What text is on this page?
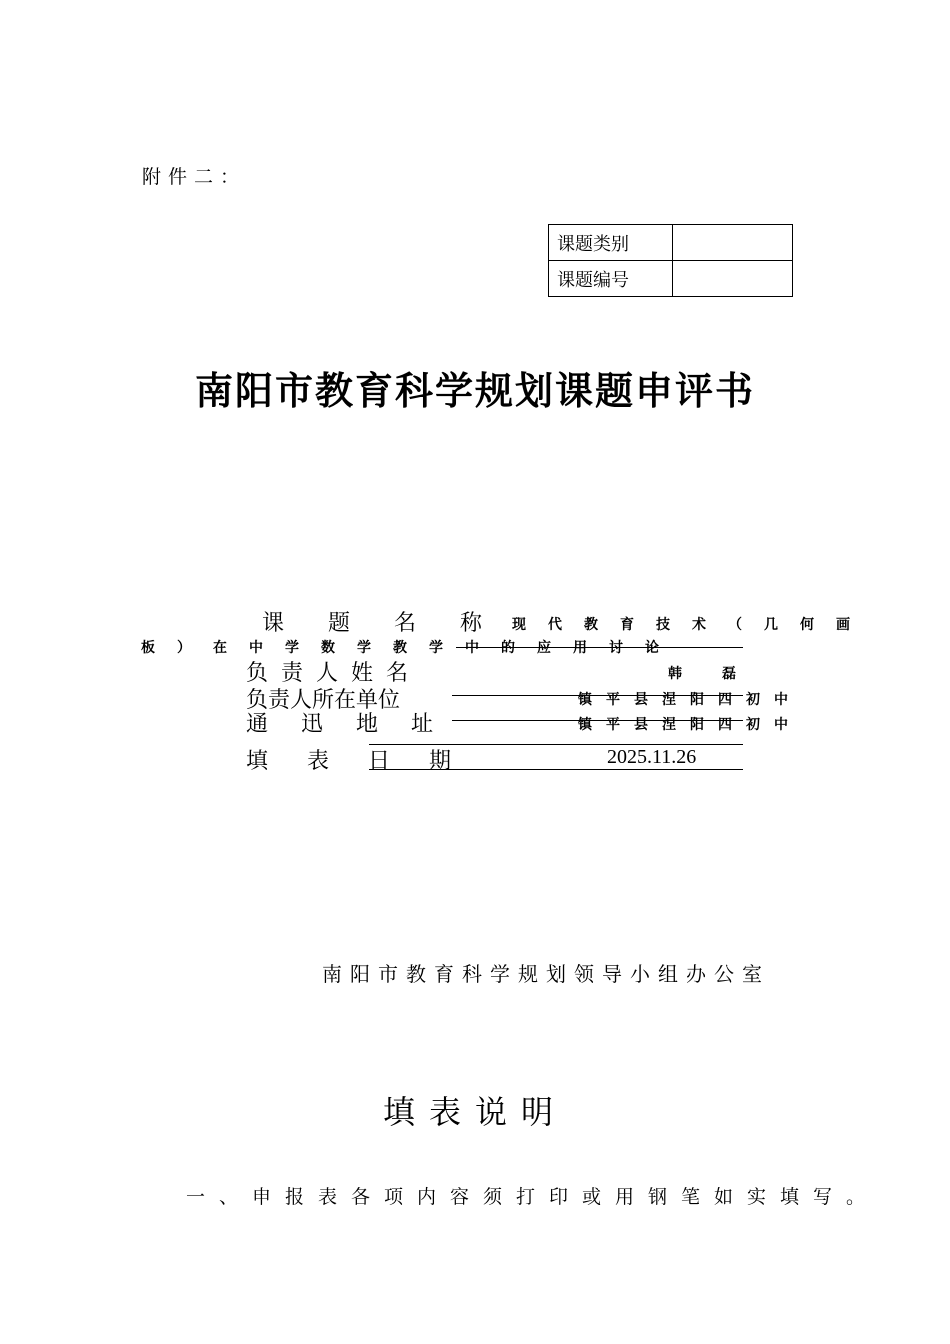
附件二：
课题类别	
课题编号	
南阳市教育科学规划课题申评书
课 题 名 称	现代教育技术（几何画
板）在中学数学教学中的应用讨论
负责人姓名	韩磊
负责人所在单位	镇平县涅阳四初中
通 迅 地 址	镇平县涅阳四初中
填 表 日 期	2025.11.26
南阳市教育科学规划领导小组办公室
填表说明
一、申报表各项内容须打印或用钢笔如实填写。
